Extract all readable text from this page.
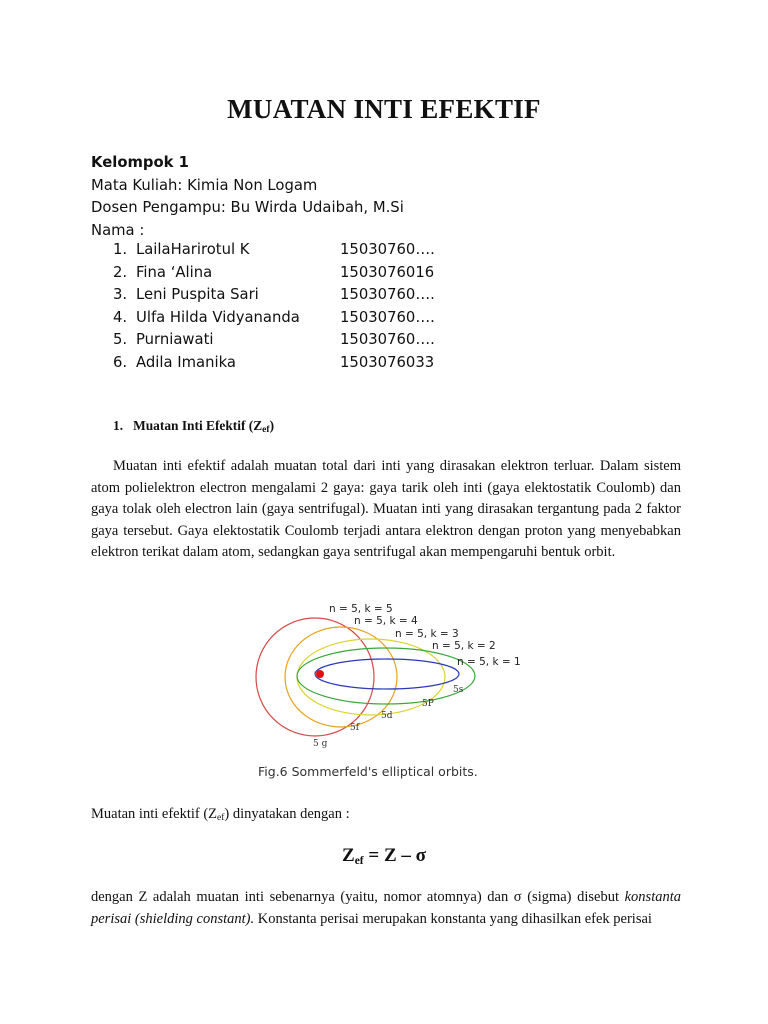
MUATAN INTI EFEKTIF
Kelompok 1
Mata Kuliah: Kimia Non Logam
Dosen Pengampu: Bu Wirda Udaibah, M.Si
Nama :
1. LailaHarirotul K	15030760….
2. Fina ‘Alina	1503076016
3. Leni Puspita Sari	15030760….
4. Ulfa Hilda Vidyananda	15030760….
5. Purniawati	15030760….
6. Adila Imanika	1503076033
1. Muatan Inti Efektif $(Z_{ef})$
Muatan inti efektif adalah muatan total dari inti yang dirasakan elektron terluar. Dalam sistem atom polielektron electron mengalami 2 gaya: gaya tarik oleh inti (gaya elektostatik Coulomb) dan gaya tolak oleh electron lain (gaya sentrifugal). Muatan inti yang dirasakan tergantung pada 2 faktor gaya tersebut. Gaya elektostatik Coulomb terjadi antara elektron dengan proton yang menyebabkan elektron terikat dalam atom, sedangkan gaya sentrifugal akan mempengaruhi bentuk orbit.
n = 5, k = 5
n = 5, k = 4
n = 5, k = 3
n = 5, k = 2
n = 5, k = 1
5s
5P
5d
5f
5 g
Fig.6 Sommerfeld's elliptical orbits.
Muatan inti efektif $(Z_{ef})$ dinyatakan dengan :
$Z_{ef} = Z - \sigma$
dengan Z adalah muatan inti sebenarnya (yaitu, nomor atomnya) dan σ (sigma) disebut konstanta perisai (shielding constant). Konstanta perisai merupakan konstanta yang dihasilkan efek perisai
